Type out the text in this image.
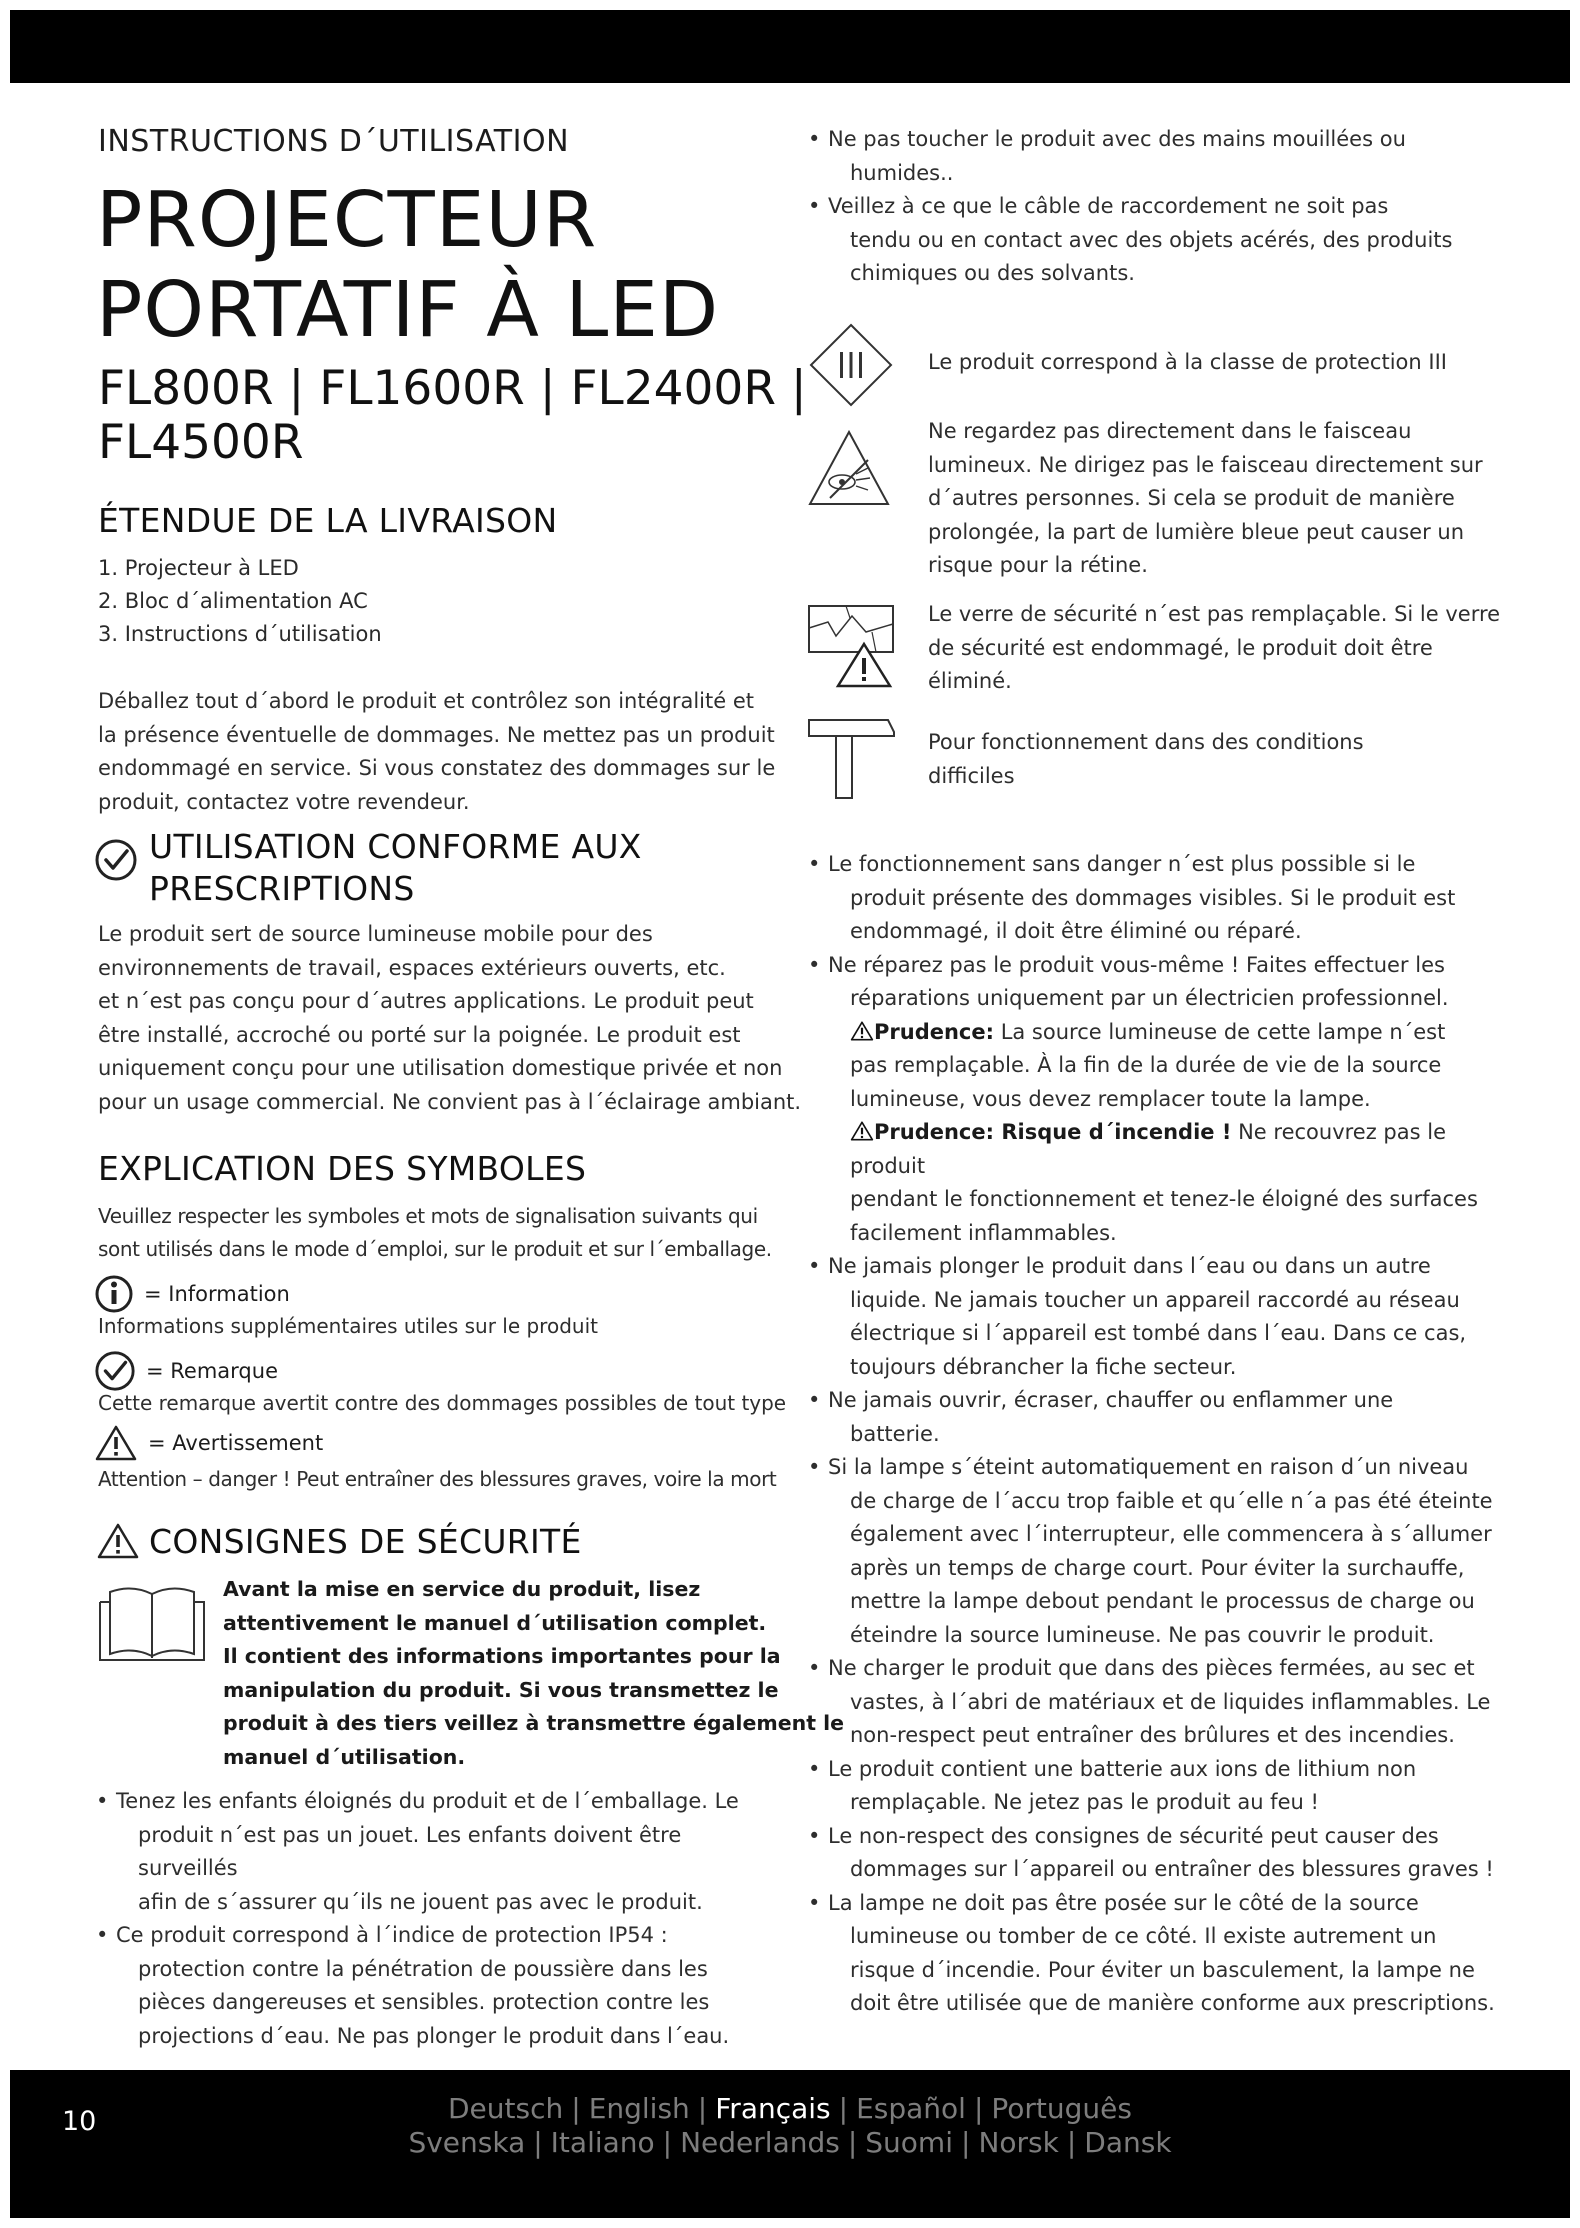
INSTRUCTIONS D´UTILISATION
PROJECTEUR
PORTATIF À LED
FL800R | FL1600R | FL2400R |
FL4500R
ÉTENDUE DE LA LIVRAISON
1. Projecteur à LED
2. Bloc d´alimentation AC
3. Instructions d´utilisation
Déballez tout d´abord le produit et contrôlez son intégralité et
la présence éventuelle de dommages. Ne mettez pas un produit
endommagé en service. Si vous constatez des dommages sur le
produit, contactez votre revendeur.
UTILISATION CONFORME AUX
PRESCRIPTIONS
Le produit sert de source lumineuse mobile pour des
environnements de travail, espaces extérieurs ouverts, etc.
et n´est pas conçu pour d´autres applications. Le produit peut
être installé, accroché ou porté sur la poignée. Le produit est
uniquement conçu pour une utilisation domestique privée et non
pour un usage commercial. Ne convient pas à l´éclairage ambiant.
EXPLICATION DES SYMBOLES
Veuillez respecter les symboles et mots de signalisation suivants qui
sont utilisés dans le mode d´emploi, sur le produit et sur l´emballage.
= Information
Informations supplémentaires utiles sur le produit
= Remarque
Cette remarque avertit contre des dommages possibles de tout type
= Avertissement
Attention – danger ! Peut entraîner des blessures graves, voire la mort
CONSIGNES DE SÉCURITÉ
Avant la mise en service du produit, lisez
attentivement le manuel d´utilisation complet.
Il contient des informations importantes pour la
manipulation du produit. Si vous transmettez le
produit à des tiers veillez à transmettre également le
manuel d´utilisation.
• Tenez les enfants éloignés du produit et de l´emballage. Le
produit n´est pas un jouet. Les enfants doivent être surveillés
afin de s´assurer qu´ils ne jouent pas avec le produit.
• Ce produit correspond à l´indice de protection IP54 :
protection contre la pénétration de poussière dans les
pièces dangereuses et sensibles. protection contre les
projections d´eau. Ne pas plonger le produit dans l´eau.
• Ne pas toucher le produit avec des mains mouillées ou
humides..
• Veillez à ce que le câble de raccordement ne soit pas
tendu ou en contact avec des objets acérés, des produits
chimiques ou des solvants.
Le produit correspond à la classe de protection III
Ne regardez pas directement dans le faisceau
lumineux. Ne dirigez pas le faisceau directement sur
d´autres personnes. Si cela se produit de manière
prolongée, la part de lumière bleue peut causer un
risque pour la rétine.
Le verre de sécurité n´est pas remplaçable. Si le verre
de sécurité est endommagé, le produit doit être
éliminé.
Pour fonctionnement dans des conditions
difficiles
• Le fonctionnement sans danger n´est plus possible si le
produit présente des dommages visibles. Si le produit est
endommagé, il doit être éliminé ou réparé.
• Ne réparez pas le produit vous-même ! Faites effectuer les
réparations uniquement par un électricien professionnel.
Prudence: La source lumineuse de cette lampe n´est
pas remplaçable. À la fin de la durée de vie de la source
lumineuse, vous devez remplacer toute la lampe.
Prudence: Risque d´incendie ! Ne recouvrez pas le produit
pendant le fonctionnement et tenez-le éloigné des surfaces
facilement inflammables.
• Ne jamais plonger le produit dans l´eau ou dans un autre
liquide. Ne jamais toucher un appareil raccordé au réseau
électrique si l´appareil est tombé dans l´eau. Dans ce cas,
toujours débrancher la fiche secteur.
• Ne jamais ouvrir, écraser, chauffer ou enflammer une
batterie.
• Si la lampe s´éteint automatiquement en raison d´un niveau
de charge de l´accu trop faible et qu´elle n´a pas été éteinte
également avec l´interrupteur, elle commencera à s´allumer
après un temps de charge court. Pour éviter la surchauffe,
mettre la lampe debout pendant le processus de charge ou
éteindre la source lumineuse. Ne pas couvrir le produit.
• Ne charger le produit que dans des pièces fermées, au sec et
vastes, à l´abri de matériaux et de liquides inflammables. Le
non-respect peut entraîner des brûlures et des incendies.
• Le produit contient une batterie aux ions de lithium non
remplaçable. Ne jetez pas le produit au feu !
• Le non-respect des consignes de sécurité peut causer des
dommages sur l´appareil ou entraîner des blessures graves !
• La lampe ne doit pas être posée sur le côté de la source
lumineuse ou tomber de ce côté. Il existe autrement un
risque d´incendie. Pour éviter un basculement, la lampe ne
doit être utilisée que de manière conforme aux prescriptions.
10	Deutsch | English | Français | Español | Português
Svenska | Italiano | Nederlands | Suomi | Norsk | Dansk
